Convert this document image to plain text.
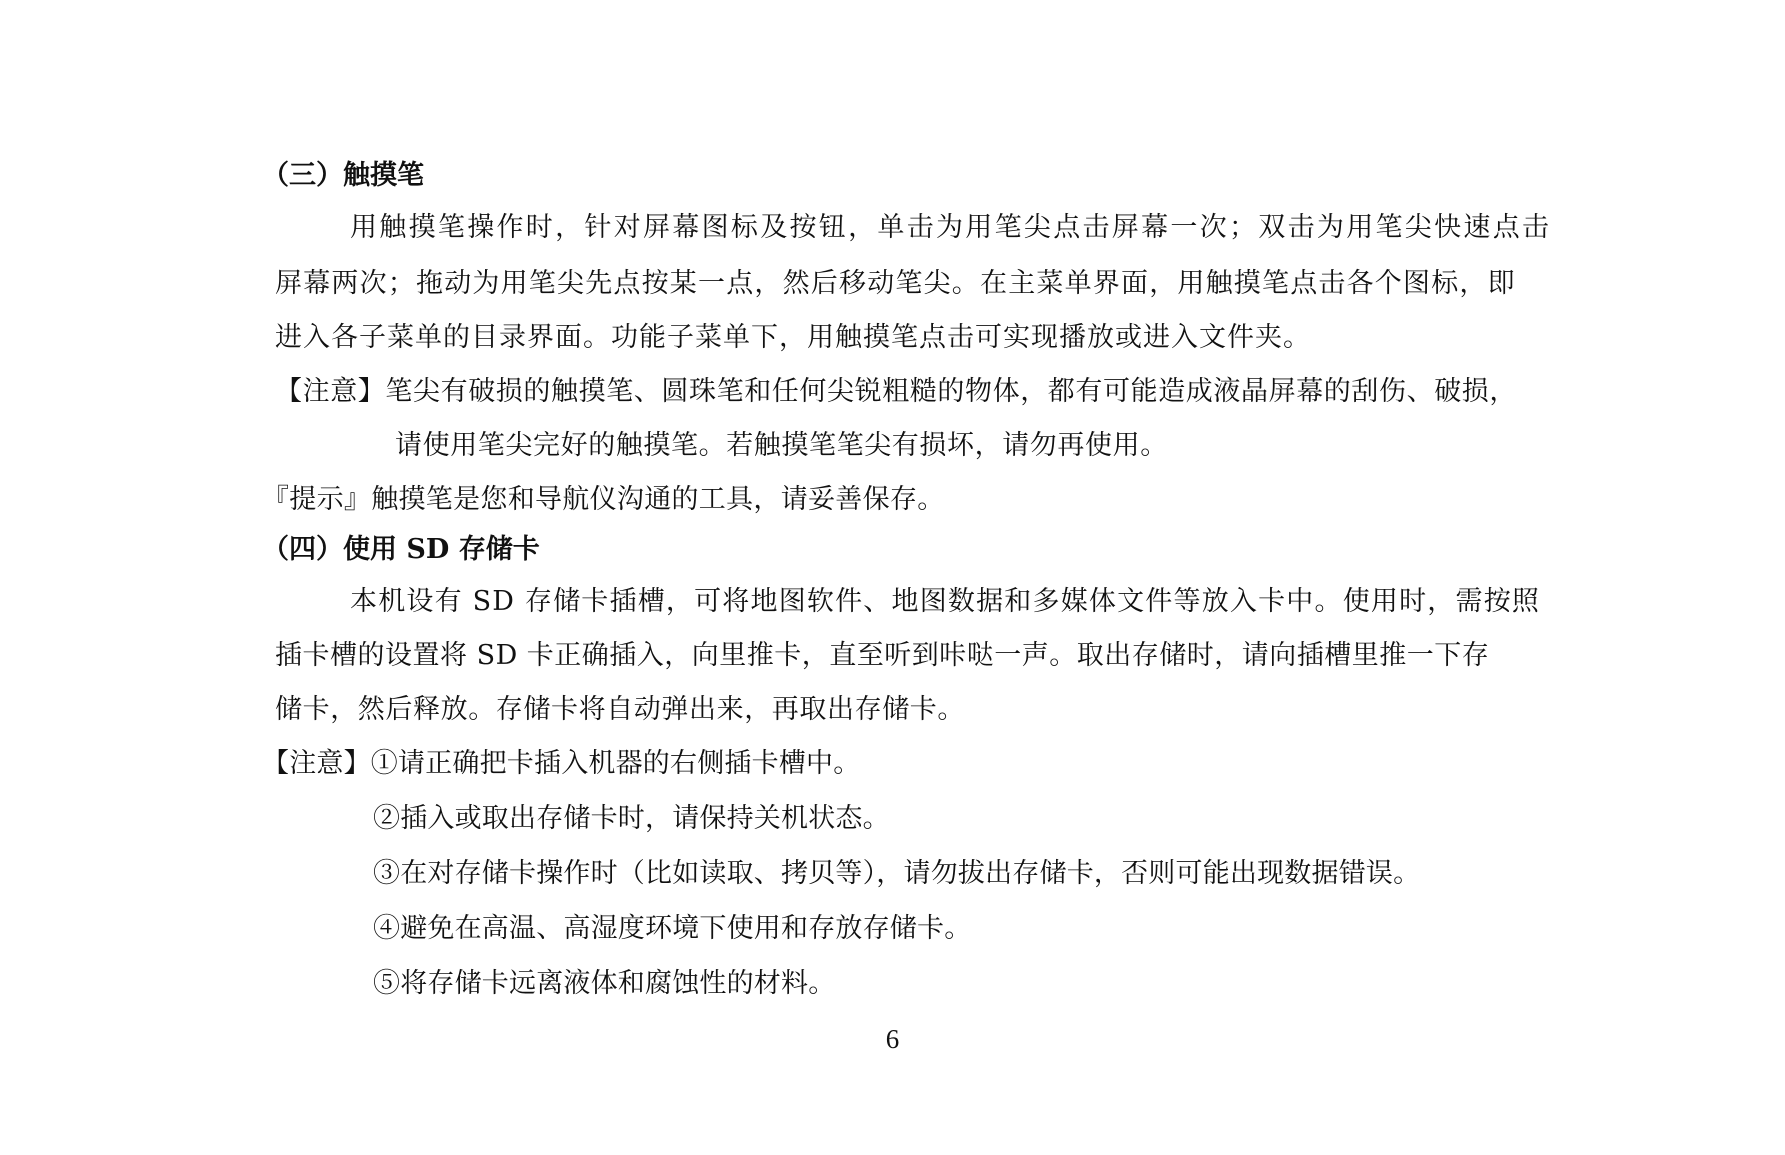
（三）触摸笔
用触摸笔操作时，针对屏幕图标及按钮，单击为用笔尖点击屏幕一次；双击为用笔尖快速点击
屏幕两次；拖动为用笔尖先点按某一点，然后移动笔尖。在主菜单界面，用触摸笔点击各个图标，即
进入各子菜单的目录界面。功能子菜单下，用触摸笔点击可实现播放或进入文件夹。
【注意】笔尖有破损的触摸笔、圆珠笔和任何尖锐粗糙的物体，都有可能造成液晶屏幕的刮伤、破损，
请使用笔尖完好的触摸笔。若触摸笔笔尖有损坏，请勿再使用。
『提示』触摸笔是您和导航仪沟通的工具，请妥善保存。
（四）使用 SD 存储卡
本机设有 SD 存储卡插槽，可将地图软件、地图数据和多媒体文件等放入卡中。使用时，需按照
插卡槽的设置将 SD 卡正确插入，向里推卡，直至听到咔哒一声。取出存储时，请向插槽里推一下存
储卡，然后释放。存储卡将自动弹出来，再取出存储卡。
【注意】①请正确把卡插入机器的右侧插卡槽中。
②插入或取出存储卡时，请保持关机状态。
③在对存储卡操作时（比如读取、拷贝等），请勿拔出存储卡，否则可能出现数据错误。
④避免在高温、高湿度环境下使用和存放存储卡。
⑤将存储卡远离液体和腐蚀性的材料。
6
